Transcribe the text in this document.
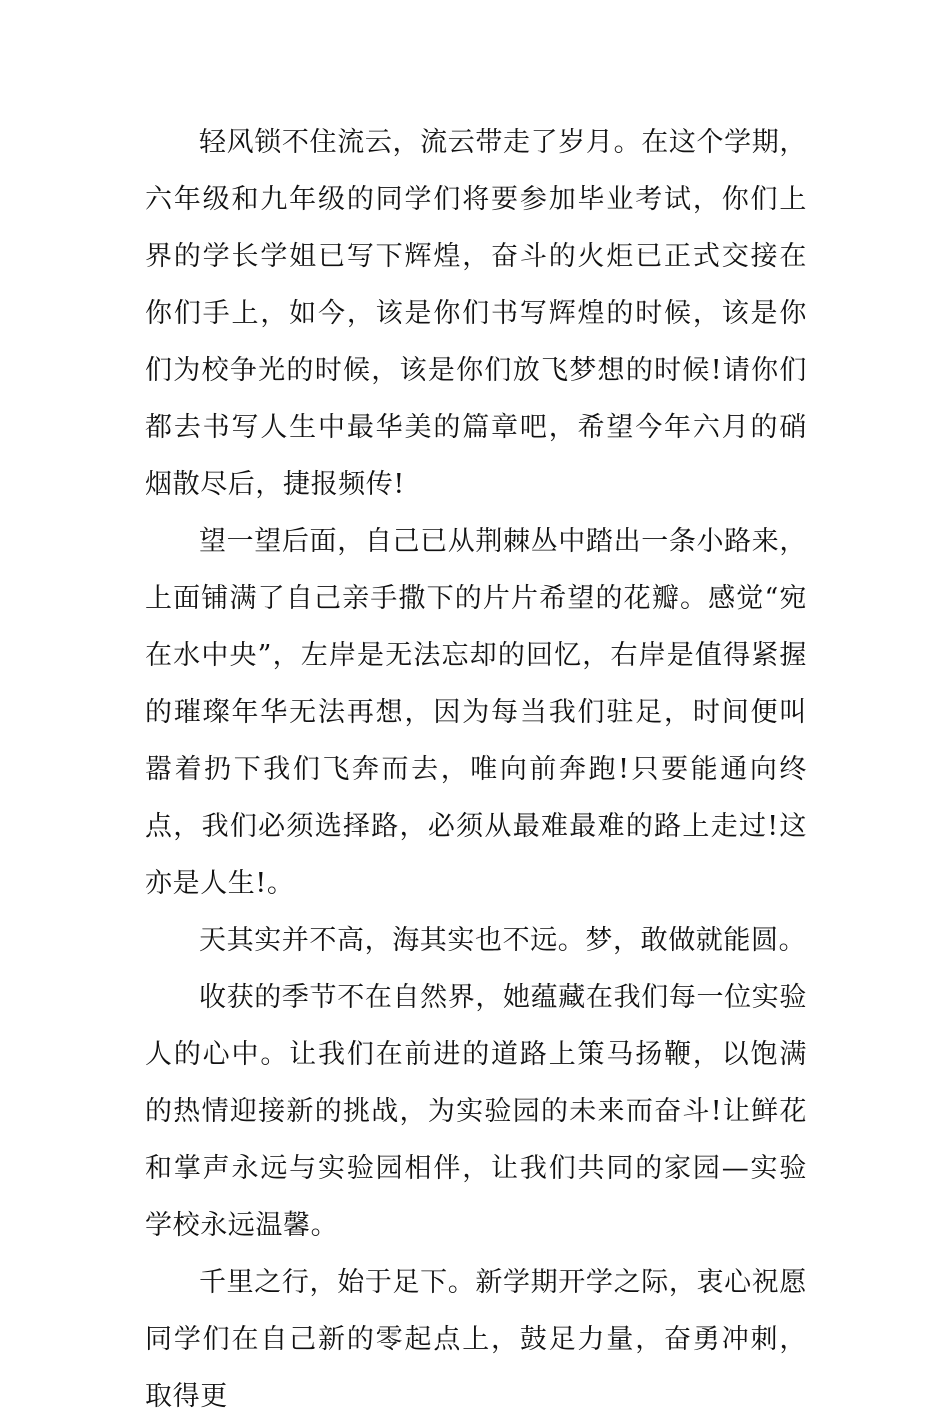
轻风锁不住流云，流云带走了岁月。在这个学期，六年级和九年级的同学们将要参加毕业考试，你们上界的学长学姐已写下辉煌，奋斗的火炬已正式交接在你们手上，如今，该是你们书写辉煌的时候，该是你们为校争光的时候，该是你们放飞梦想的时候!请你们都去书写人生中最华美的篇章吧，希望今年六月的硝烟散尽后，捷报频传!

望一望后面，自己已从荆棘丛中踏出一条小路来，上面铺满了自己亲手撒下的片片希望的花瓣。感觉“宛在水中央”，左岸是无法忘却的回忆，右岸是值得紧握的璀璨年华无法再想，因为每当我们驻足，时间便叫嚣着扔下我们飞奔而去，唯向前奔跑!只要能通向终点，我们必须选择路，必须从最难最难的路上走过!这亦是人生!。

天其实并不高，海其实也不远。梦，敢做就能圆。

收获的季节不在自然界，她蕴藏在我们每一位实验人的心中。让我们在前进的道路上策马扬鞭，以饱满的热情迎接新的挑战，为实验园的未来而奋斗!让鲜花和掌声永远与实验园相伴，让我们共同的家园—实验学校永远温馨。

千里之行，始于足下。新学期开学之际，衷心祝愿同学们在自己新的零起点上，鼓足力量，奋勇冲刺，取得更
